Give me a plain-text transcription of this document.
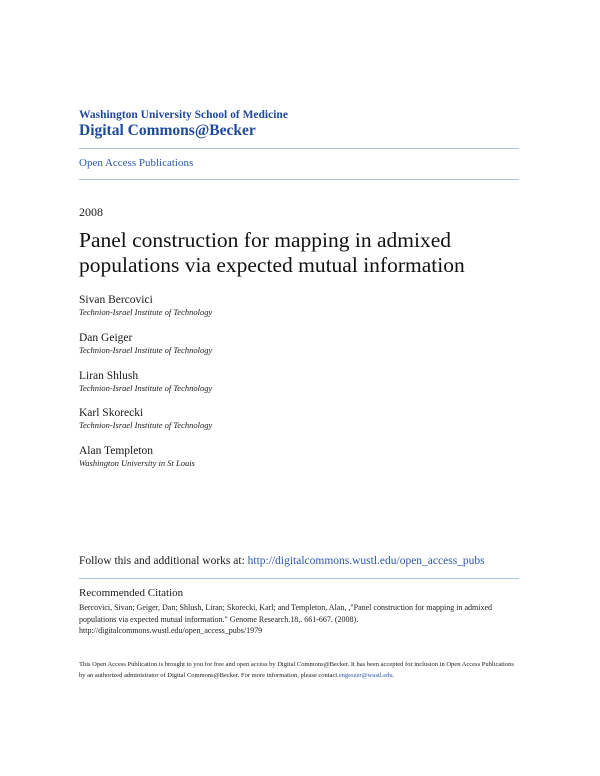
Washington University School of Medicine
Digital Commons@Becker
Open Access Publications
2008
Panel construction for mapping in admixed populations via expected mutual information
Sivan Bercovici
Technion-Israel Institute of Technology
Dan Geiger
Technion-Israel Institute of Technology
Liran Shlush
Technion-Israel Institute of Technology
Karl Skorecki
Technion-Israel Institute of Technology
Alan Templeton
Washington University in St Louis
Follow this and additional works at: http://digitalcommons.wustl.edu/open_access_pubs
Recommended Citation
Bercovici, Sivan; Geiger, Dan; Shlush, Liran; Skorecki, Karl; and Templeton, Alan, ,"Panel construction for mapping in admixed populations via expected mutual information." Genome Research.18,. 661-667. (2008).
http://digitalcommons.wustl.edu/open_access_pubs/1979
This Open Access Publication is brought to you for free and open access by Digital Commons@Becker. It has been accepted for inclusion in Open Access Publications by an authorized administrator of Digital Commons@Becker. For more information, please contact engeszer@wustl.edu.
